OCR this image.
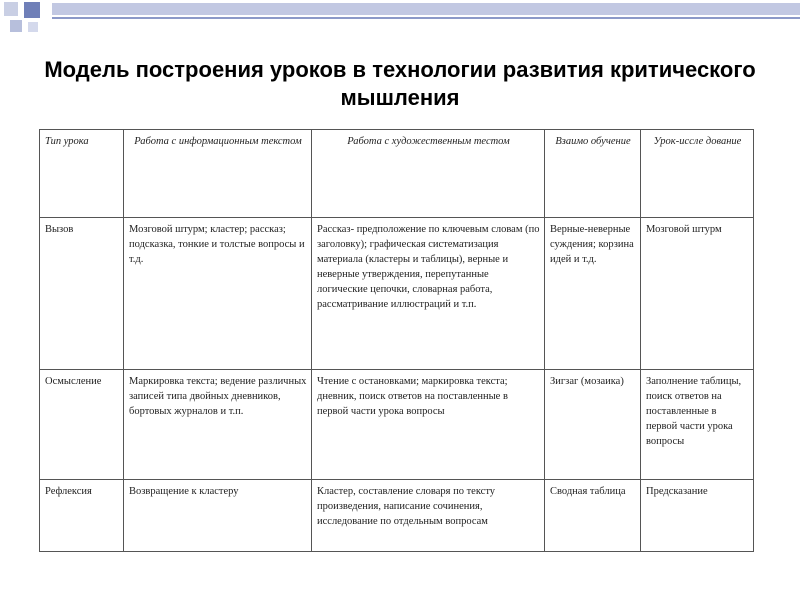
Модель построения уроков в технологии развития критического мышления
Тип урока	Работа с информационным текстом	Работа с художественным тестом	Взаимо обучение	Урок-иссле дование
Вызов	Мозговой штурм; кластер; рассказ; подсказка, тонкие и толстые вопросы и т.д.	Рассказ- предположение по ключевым словам (по заголовку); графическая систематизация материала (кластеры и таблицы), верные и неверные утверждения, перепутанные логические цепочки, словарная работа, рассматривание иллюстраций и т.п.	Верные-неверные суждения; корзина идей и т.д.	Мозговой штурм
Осмысление	Маркировка текста; ведение различных записей типа двойных дневников, бортовых журналов и т.п.	Чтение с остановками; маркировка текста; дневник, поиск ответов на поставленные в первой части урока вопросы	Зигзаг (мозаика)	Заполнение таблицы, поиск ответов на поставленные в первой части урока вопросы
Рефлексия	Возвращение к кластеру	Кластер, составление словаря по тексту произведения, написание сочинения, исследование по отдельным вопросам	Сводная таблица	Предсказание
